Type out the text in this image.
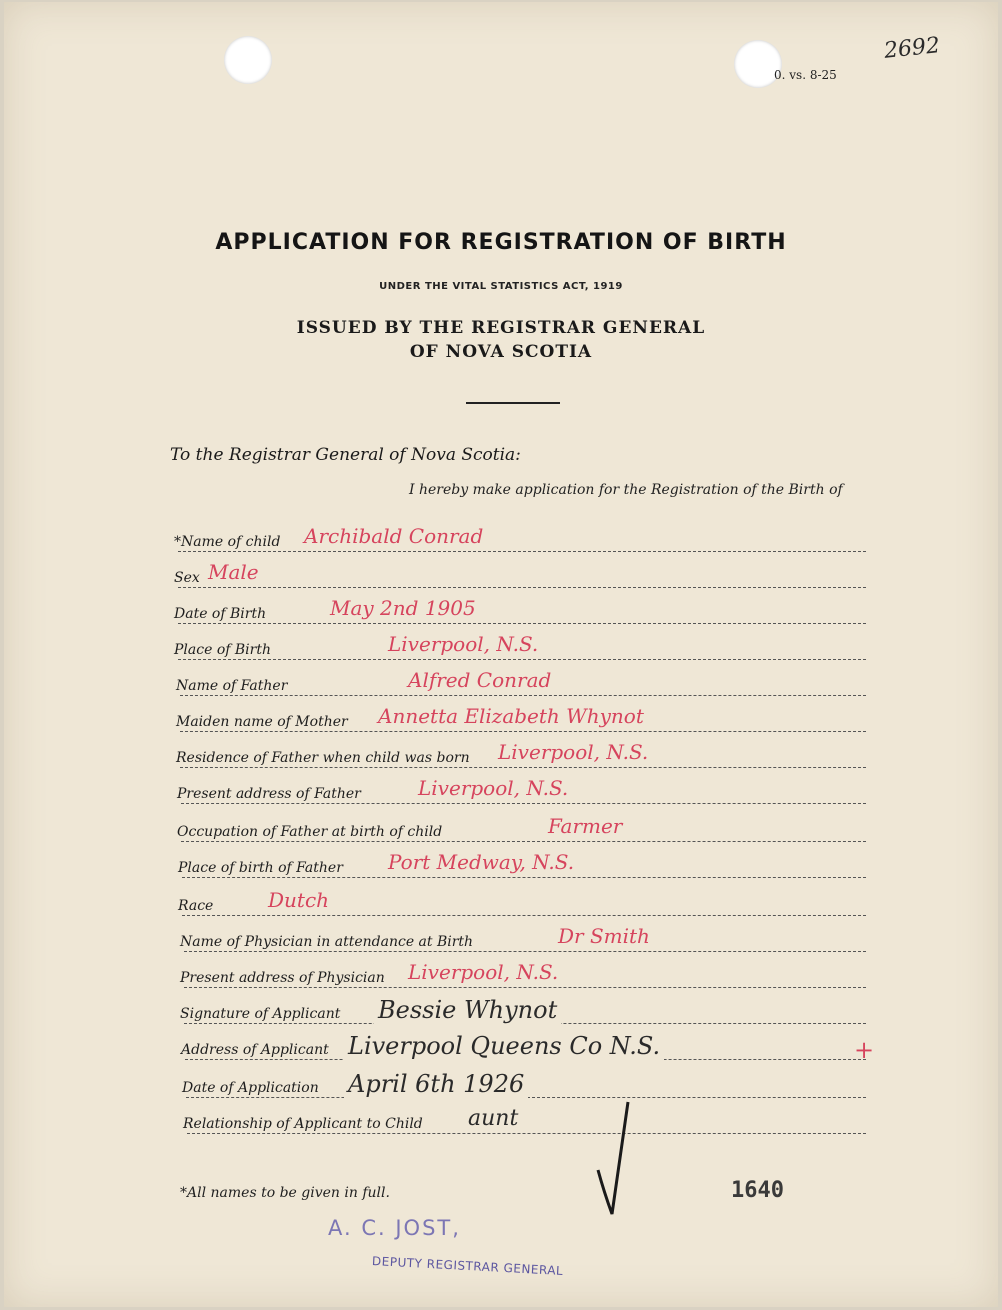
2692
0. vs. 8-25
APPLICATION FOR REGISTRATION OF BIRTH
UNDER THE VITAL STATISTICS ACT, 1919
ISSUED BY THE REGISTRAR GENERAL
OF NOVA SCOTIA
To the Registrar General of Nova Scotia:
I hereby make application for the Registration of the Birth of
*Name of child Archibald Conrad
Sex Male
Date of Birth	May 2nd 1905
Place of Birth	Liverpool, N.S.
Name of Father	Alfred Conrad
Maiden name of Mother Annetta Elizabeth Whynot
Residence of Father when child was born Liverpool, N.S.
Present address of Father	Liverpool, N.S.
Occupation of Father at birth of child	Farmer
Place of birth of Father Port Medway, N.S.
Race	Dutch
Name of Physician in attendance at Birth	Dr Smith
Present address of Physician Liverpool, N.S.
Signature of Applicant Bessie Whynot
Address of Applicant Liverpool Queens Co N.S.
Date of Application April 6th 1926
Relationship of Applicant to Child aunt
*All names to be given in full.	1640
A. C. JOST,
DEPUTY REGISTRAR GENERAL
+
